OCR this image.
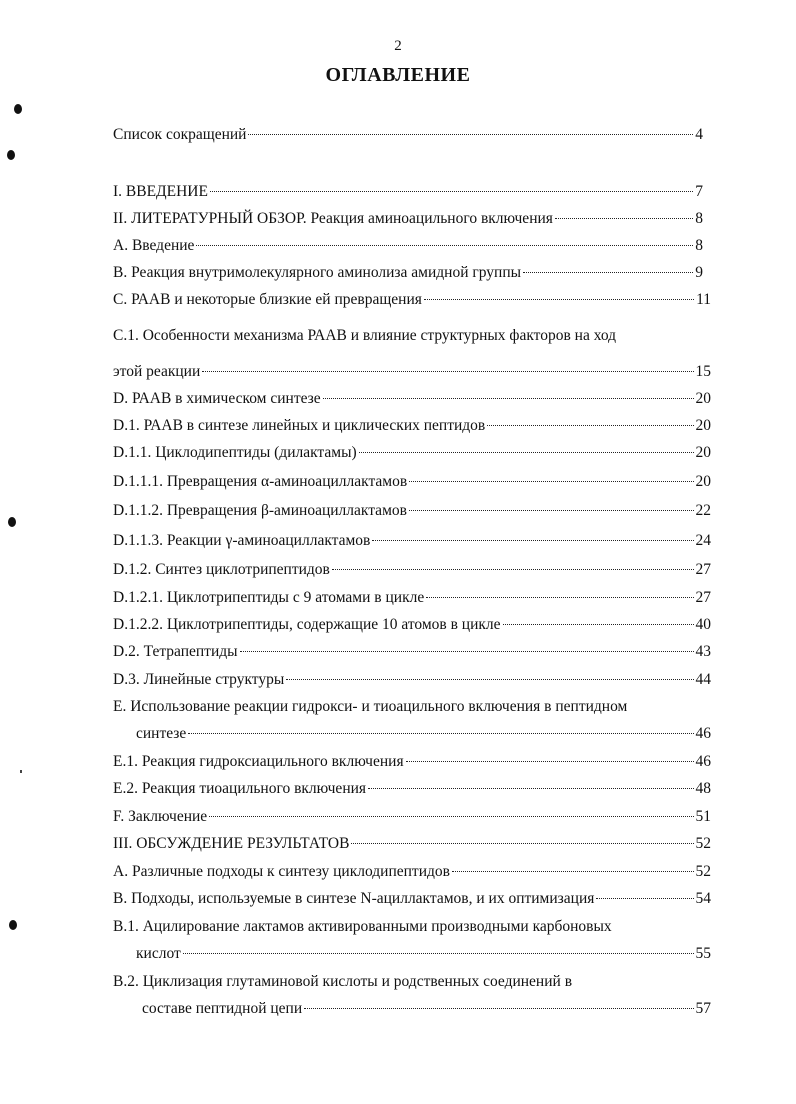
2
ОГЛАВЛЕНИЕ
Список сокращений	4
I. ВВЕДЕНИЕ	7
II. ЛИТЕРАТУРНЫЙ ОБЗОР. Реакция аминоацильного включения	8
A. Введение	8
B. Реакция внутримолекулярного аминолиза амидной группы	9
C. РААВ и некоторые близкие ей превращения	11
C.1. Особенности механизма РААВ и влияние структурных факторов на ход
этой реакции	15
D. РААВ в химическом синтезе	20
D.1. РААВ в синтезе линейных и циклических пептидов	20
D.1.1. Циклодипептиды (дилактамы)	20
D.1.1.1. Превращения α-аминоациллактамов	20
D.1.1.2. Превращения β-аминоациллактамов	22
D.1.1.3. Реакции γ-аминоациллактамов	24
D.1.2. Синтез циклотрипептидов	27
D.1.2.1. Циклотрипептиды с 9 атомами в цикле	27
D.1.2.2. Циклотрипептиды, содержащие 10 атомов в цикле	40
D.2. Тетрапептиды	43
D.3. Линейные структуры	44
E. Использование реакции гидрокси- и тиоацильного включения в пептидном
синтезе	46
E.1. Реакция гидроксиацильного включения	46
E.2. Реакция тиоацильного включения	48
F. Заключение	51
III. ОБСУЖДЕНИЕ РЕЗУЛЬТАТОВ	52
A. Различные подходы к синтезу циклодипептидов	52
B. Подходы, используемые в синтезе N-ациллактамов, и их оптимизация	54
B.1. Ацилирование лактамов активированными производными карбоновых
кислот	55
B.2. Циклизация глутаминовой кислоты и родственных соединений в
составе пептидной цепи	57
